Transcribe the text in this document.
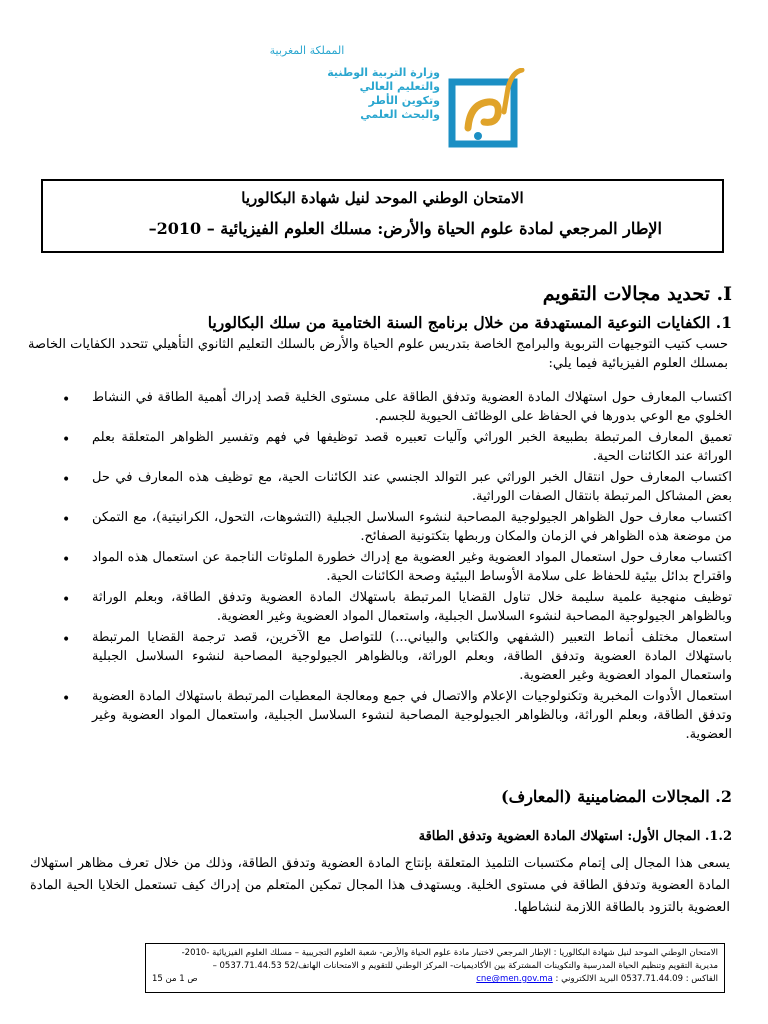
المملكة المغربية
وزارة التربية الوطنية
والتعليم العالي
وتكوين الأطر
والبحث العلمي
الامتحان الوطني الموحد لنيل شهادة البكالوريا
الإطار المرجعي لمادة علوم الحياة والأرض: مسلك العلوم الفيزيائية – 2010–
I. تحديد مجالات التقويم
1. الكفايات النوعية المستهدفة من خلال برنامج السنة الختامية من سلك البكالوريا
حسب كتيب التوجيهات التربوية والبرامج الخاصة بتدريس علوم الحياة والأرض بالسلك التعليم الثانوي التأهيلي تتحدد الكفايات الخاصة بمسلك العلوم الفيزيائية فيما يلي:
• اكتساب المعارف حول استهلاك المادة العضوية وتدفق الطاقة على مستوى الخلية قصد إدراك أهمية الطاقة في النشاط الخلوي مع الوعي بدورها في الحفاظ على الوظائف الحيوية للجسم.
• تعميق المعارف المرتبطة بطبيعة الخبر الوراثي وآليات تعبيره قصد توظيفها في فهم وتفسير الظواهر المتعلقة بعلم الوراثة عند الكائنات الحية.
• اكتساب المعارف حول انتقال الخبر الوراثي عبر التوالد الجنسي عند الكائنات الحية، مع توظيف هذه المعارف في حل بعض المشاكل المرتبطة بانتقال الصفات الوراثية.
• اكتساب معارف حول الظواهر الجيولوجية المصاحبة لنشوء السلاسل الجبلية (التشوهات، التحول، الكرانيتية)، مع التمكن من موضعة هذه الظواهر في الزمان والمكان وربطها بتكتونية الصفائح.
• اكتساب معارف حول استعمال المواد العضوية وغير العضوية مع إدراك خطورة الملوثات الناجمة عن استعمال هذه المواد واقتراح بدائل بيئية للحفاظ على سلامة الأوساط البيئية وصحة الكائنات الحية.
• توظيف منهجية علمية سليمة خلال تناول القضايا المرتبطة باستهلاك المادة العضوية وتدفق الطاقة، وبعلم الوراثة وبالظواهر الجيولوجية المصاحبة لنشوء السلاسل الجبلية، واستعمال المواد العضوية وغير العضوية.
• استعمال مختلف أنماط التعبير (الشفهي والكتابي والبياني...) للتواصل مع الآخرين، قصد ترجمة القضايا المرتبطة باستهلاك المادة العضوية وتدفق الطاقة، وبعلم الوراثة، وبالظواهر الجيولوجية المصاحبة لنشوء السلاسل الجبلية واستعمال المواد العضوية وغير العضوية.
• استعمال الأدوات المخبرية وتكنولوجيات الإعلام والاتصال في جمع ومعالجة المعطيات المرتبطة باستهلاك المادة العضوية وتدفق الطاقة، وبعلم الوراثة، وبالظواهر الجيولوجية المصاحبة لنشوء السلاسل الجبلية، واستعمال المواد العضوية وغير العضوية.
2. المجالات المضامينية (المعارف)
1.2. المجال الأول: استهلاك المادة العضوية وتدفق الطاقة
يسعى هذا المجال إلى إتمام مكتسبات التلميذ المتعلقة بإنتاج المادة العضوية وتدفق الطاقة، وذلك من خلال تعرف مظاهر استهلاك المادة العضوية وتدفق الطاقة في مستوى الخلية. ويستهدف هذا المجال تمكين المتعلم من إدراك كيف تستعمل الخلايا الحية المادة العضوية بالتزود بالطاقة اللازمة لنشاطها.
الامتحان الوطني الموحد لنيل شهادة البكالوريا : الإطار المرجعي لاختبار مادة علوم الحياة والأرض- شعبة العلوم التجريبية – مسلك العلوم الفيزيائية -2010-
مديرية التقويم وتنظيم الحياة المدرسية والتكوينات المشتركة بين الأكاديميات- المركز الوطني للتقويم و الامتحانات الهاتف/52 0537.71.44.53 –
الفاكس : 0537.71.44.09 البريد الالكتروني : cne@men.gov.ma
ص 1 من 15
